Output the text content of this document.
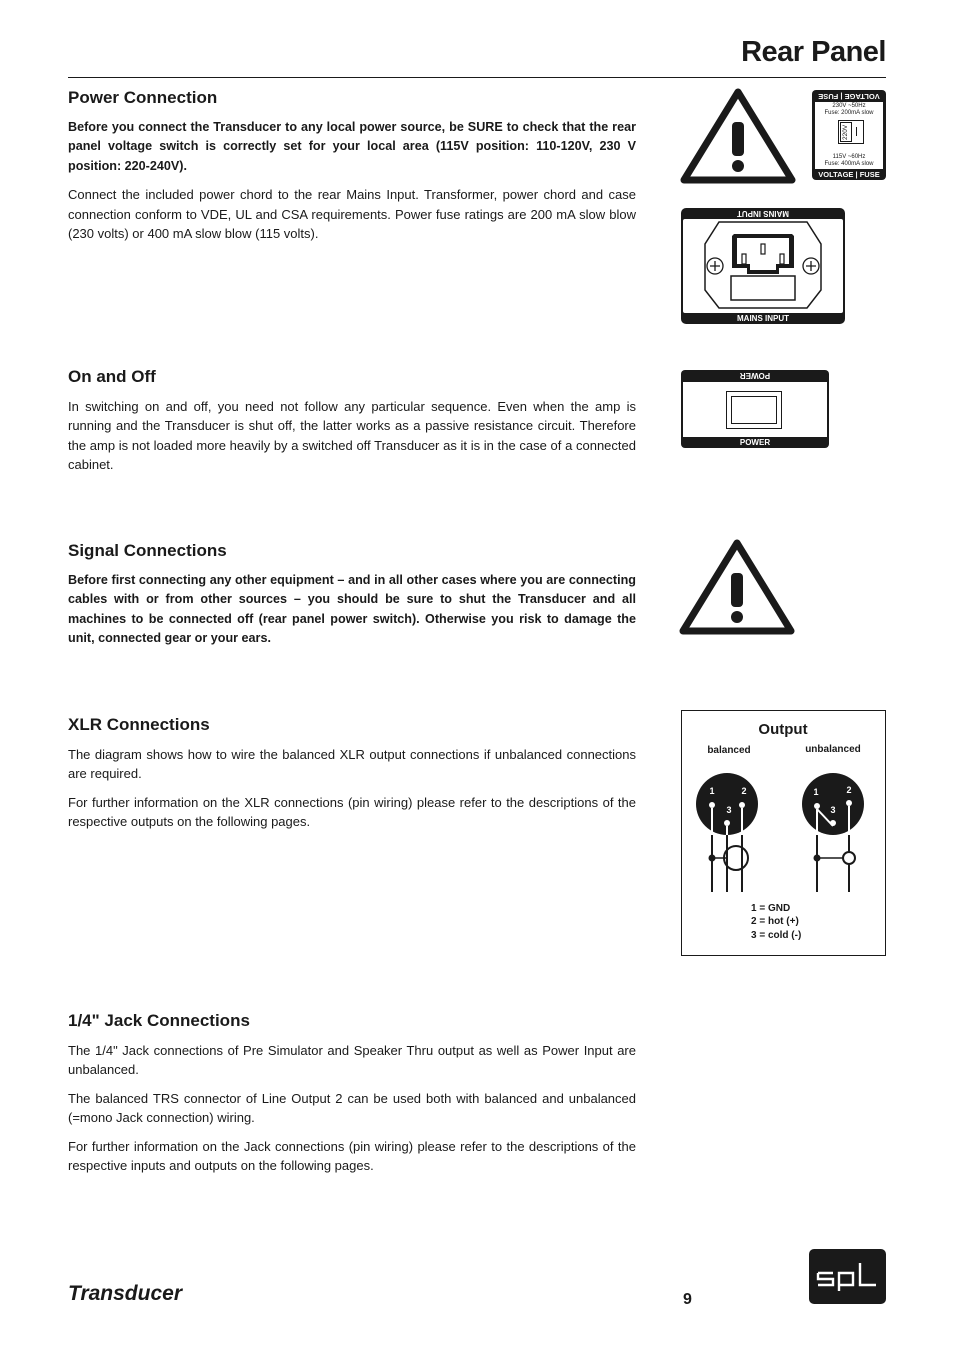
Rear Panel

Power Connection

Before you connect the Transducer to any local power source, be SURE to check that the rear panel voltage switch is correctly set for your local area (115V position: 110-120V, 230 V position: 220-240V).

Connect the included power chord to the rear Mains Input. Transformer, power chord and case connection conform to VDE, UL and CSA requirements. Power fuse ratings are 200 mA slow blow (230 volts) or 400 mA slow blow (115 volts).

On and Off

In switching on and off, you need not follow any particular sequence. Even when the amp is running and the Transducer is shut off, the latter works as a passive resistance circuit. Therefore the amp is not loaded more heavily by a switched off Transducer as it is in the case of a connected cabinet.

Signal Connections

Before first connecting any other equipment – and in all other cases where you are connecting cables with or from other sources – you should be sure to shut the Transducer and all machines to be connected off (rear panel power switch). Otherwise you risk to damage the unit, connected gear or your ears.

XLR Connections

The diagram shows how to wire the balanced XLR output connections if unbalanced connections are required.

For further information on the XLR connections (pin wiring) please refer to the descriptions of the respective outputs on the following pages.

1/4" Jack Connections

The 1/4" Jack connections of Pre Simulator and Speaker Thru output as well as Power Input are unbalanced.

The balanced TRS connector of Line Output 2 can be used both with balanced and unbalanced (=mono Jack connection) wiring.

For further information on the Jack connections (pin wiring) please refer to the descriptions of the respective inputs and outputs on the following pages.

VOLTAGE | FUSE
230V ~50Hz
Fuse: 200mA slow
220V
115V ~60Hz
Fuse: 400mA slow
VOLTAGE | FUSE
MAINS INPUT
MAINS INPUT
POWER
POWER
Output
balanced	unbalanced
1	2
3
1	2
3
1 = GND
2 = hot (+)
3 = cold (-)
Transducer	9
